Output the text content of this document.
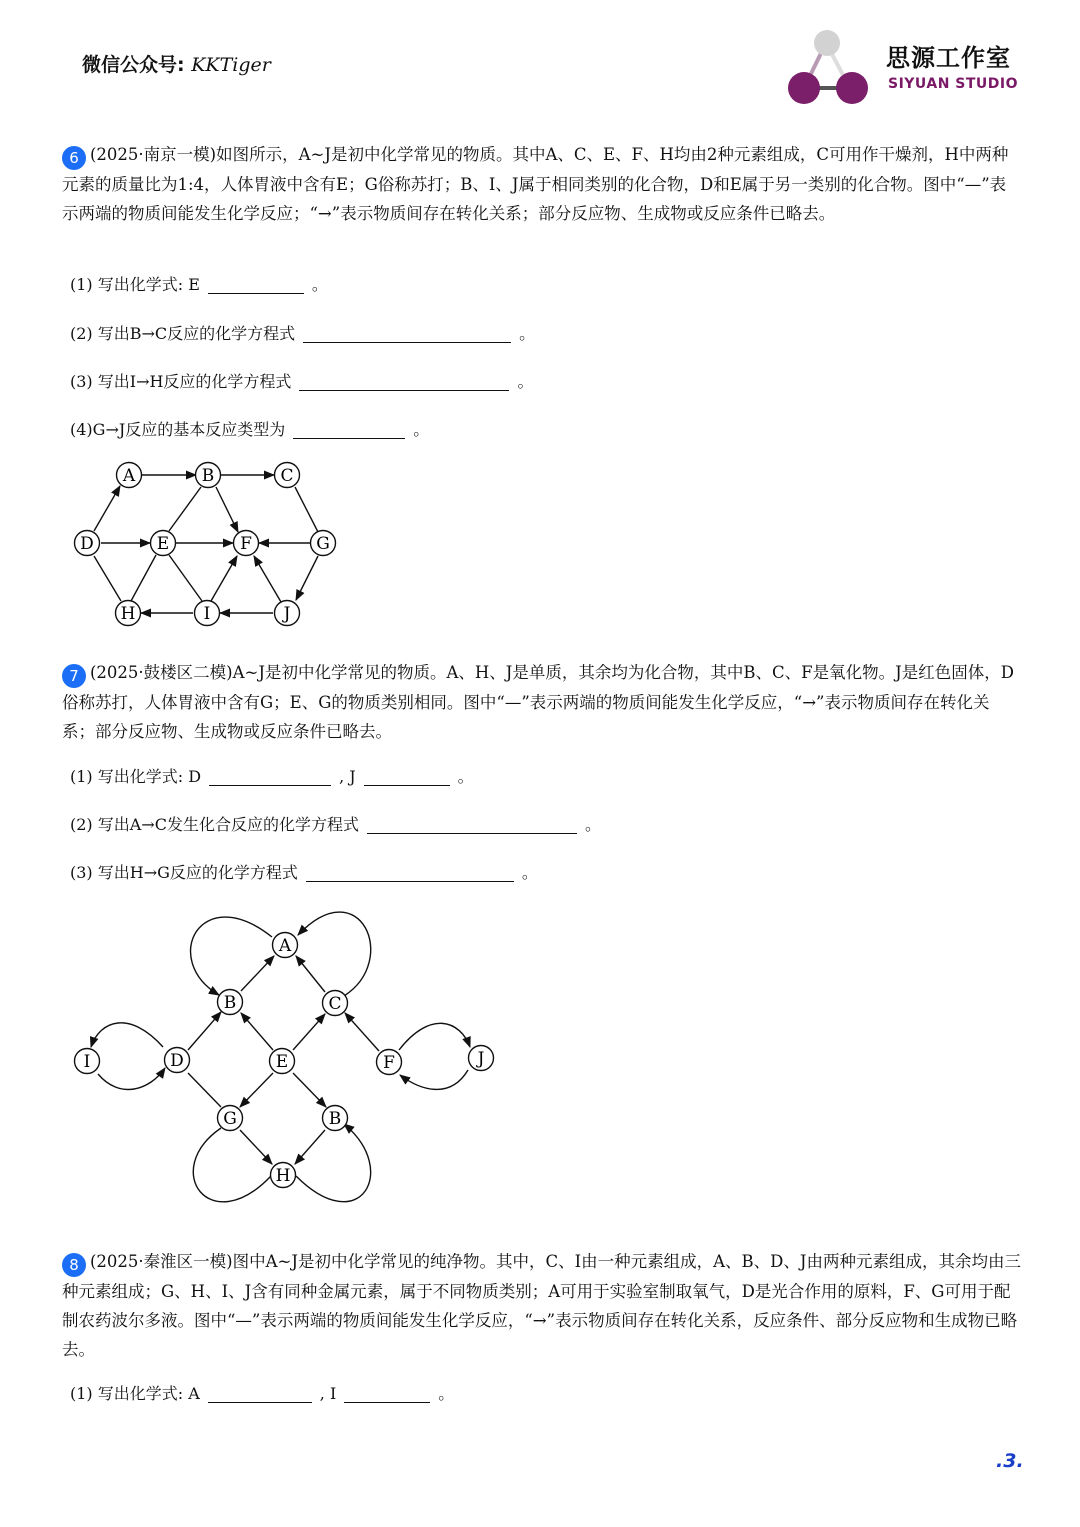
微信公众号: KKTiger	思源工作室
SIYUAN STUDIO
6 (2025·南京一模)如图所示，A~J是初中化学常见的物质。其中A、C、E、F、H均由2种元素组成，C可用作干燥剂，H中两种元素的质量比为1:4，人体胃液中含有E；G俗称苏打；B、I、J属于相同类别的化合物，D和E属于另一类别的化合物。图中“—”表示两端的物质间能发生化学反应；“→”表示物质间存在转化关系；部分反应物、生成物或反应条件已略去。
(1) 写出化学式: E	。
(2) 写出B→C反应的化学方程式	。
(3) 写出I→H反应的化学方程式	。
(4)G→J反应的基本反应类型为	。
A	B	C
D	E	F	G
H	I	J
7 (2025·鼓楼区二模)A~J是初中化学常见的物质。A、H、J是单质，其余均为化合物，其中B、C、F是氧化物。J是红色固体，D俗称苏打，人体胃液中含有G；E、G的物质类别相同。图中“—”表示两端的物质间能发生化学反应，“→”表示物质间存在转化关系；部分反应物、生成物或反应条件已略去。
(1) 写出化学式: D	, J	。
(2) 写出A→C发生化合反应的化学方程式	。
(3) 写出H→G反应的化学方程式	。
A
B	C
I	D	E	F	J
G	B
H
8 (2025·秦淮区一模)图中A~J是初中化学常见的纯净物。其中，C、I由一种元素组成，A、B、D、J由两种元素组成，其余均由三种元素组成；G、H、I、J含有同种金属元素，属于不同物质类别；A可用于实验室制取氧气，D是光合作用的原料，F、G可用于配制农药波尔多液。图中“—”表示两端的物质间能发生化学反应，“→”表示物质间存在转化关系，反应条件、部分反应物和生成物已略去。
(1) 写出化学式: A	, I	。
.3.
